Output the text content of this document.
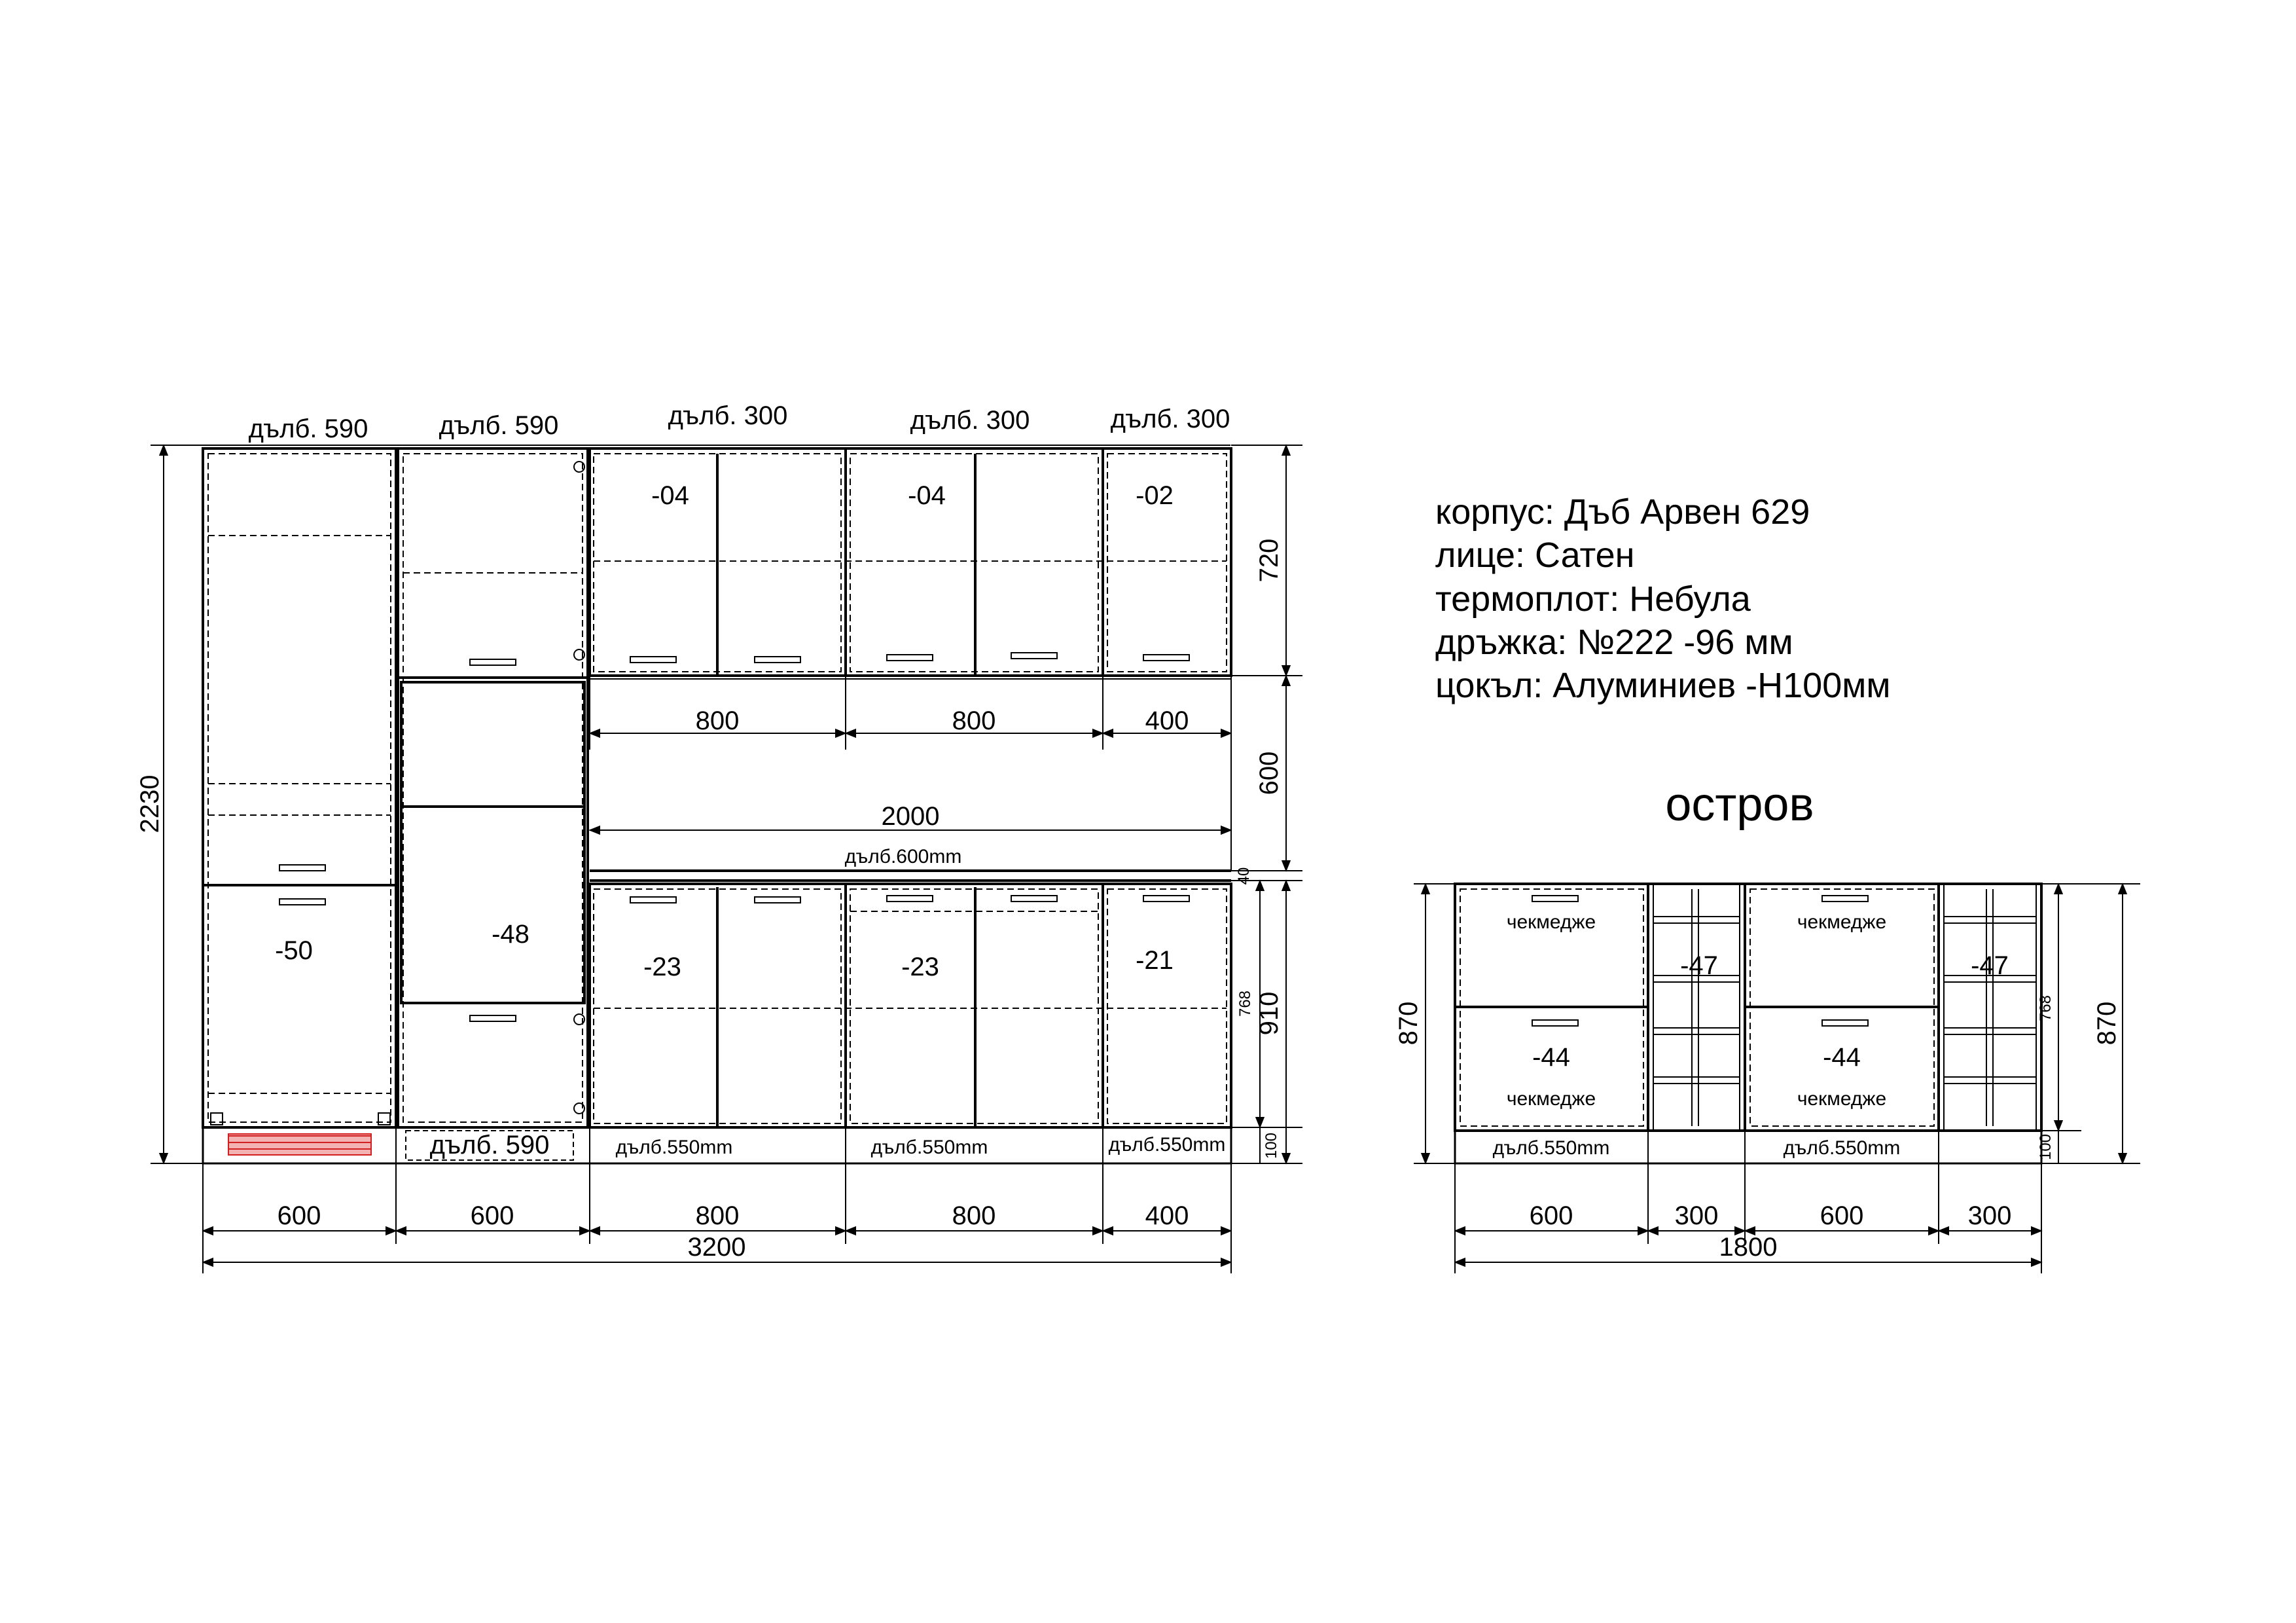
дълб. 590	дълб. 590	дълб. 300	дълб. 300	дълб. 300
-04	-04	-02
800	800	400
2000
дълб.600mm
-50
-48
-23	-23	-21
дълб. 590	дълб.550mm	дълб.550mm	дълб.550mm
600	600	800	800	400
3200
2230
720
600
40
910
768
100
корпус: Дъб Арвен 629
лице: Сатен
термоплот: Небула
дръжка: №222 -96 мм
цокъл: Алуминиев -Н100мм
остров
чекмедже
чекмедже
чекмедже
чекмедже
-47
-44
-47
-44
дълб.550mm	дълб.550mm
600	300	600	300
1800
870	768
100
870
